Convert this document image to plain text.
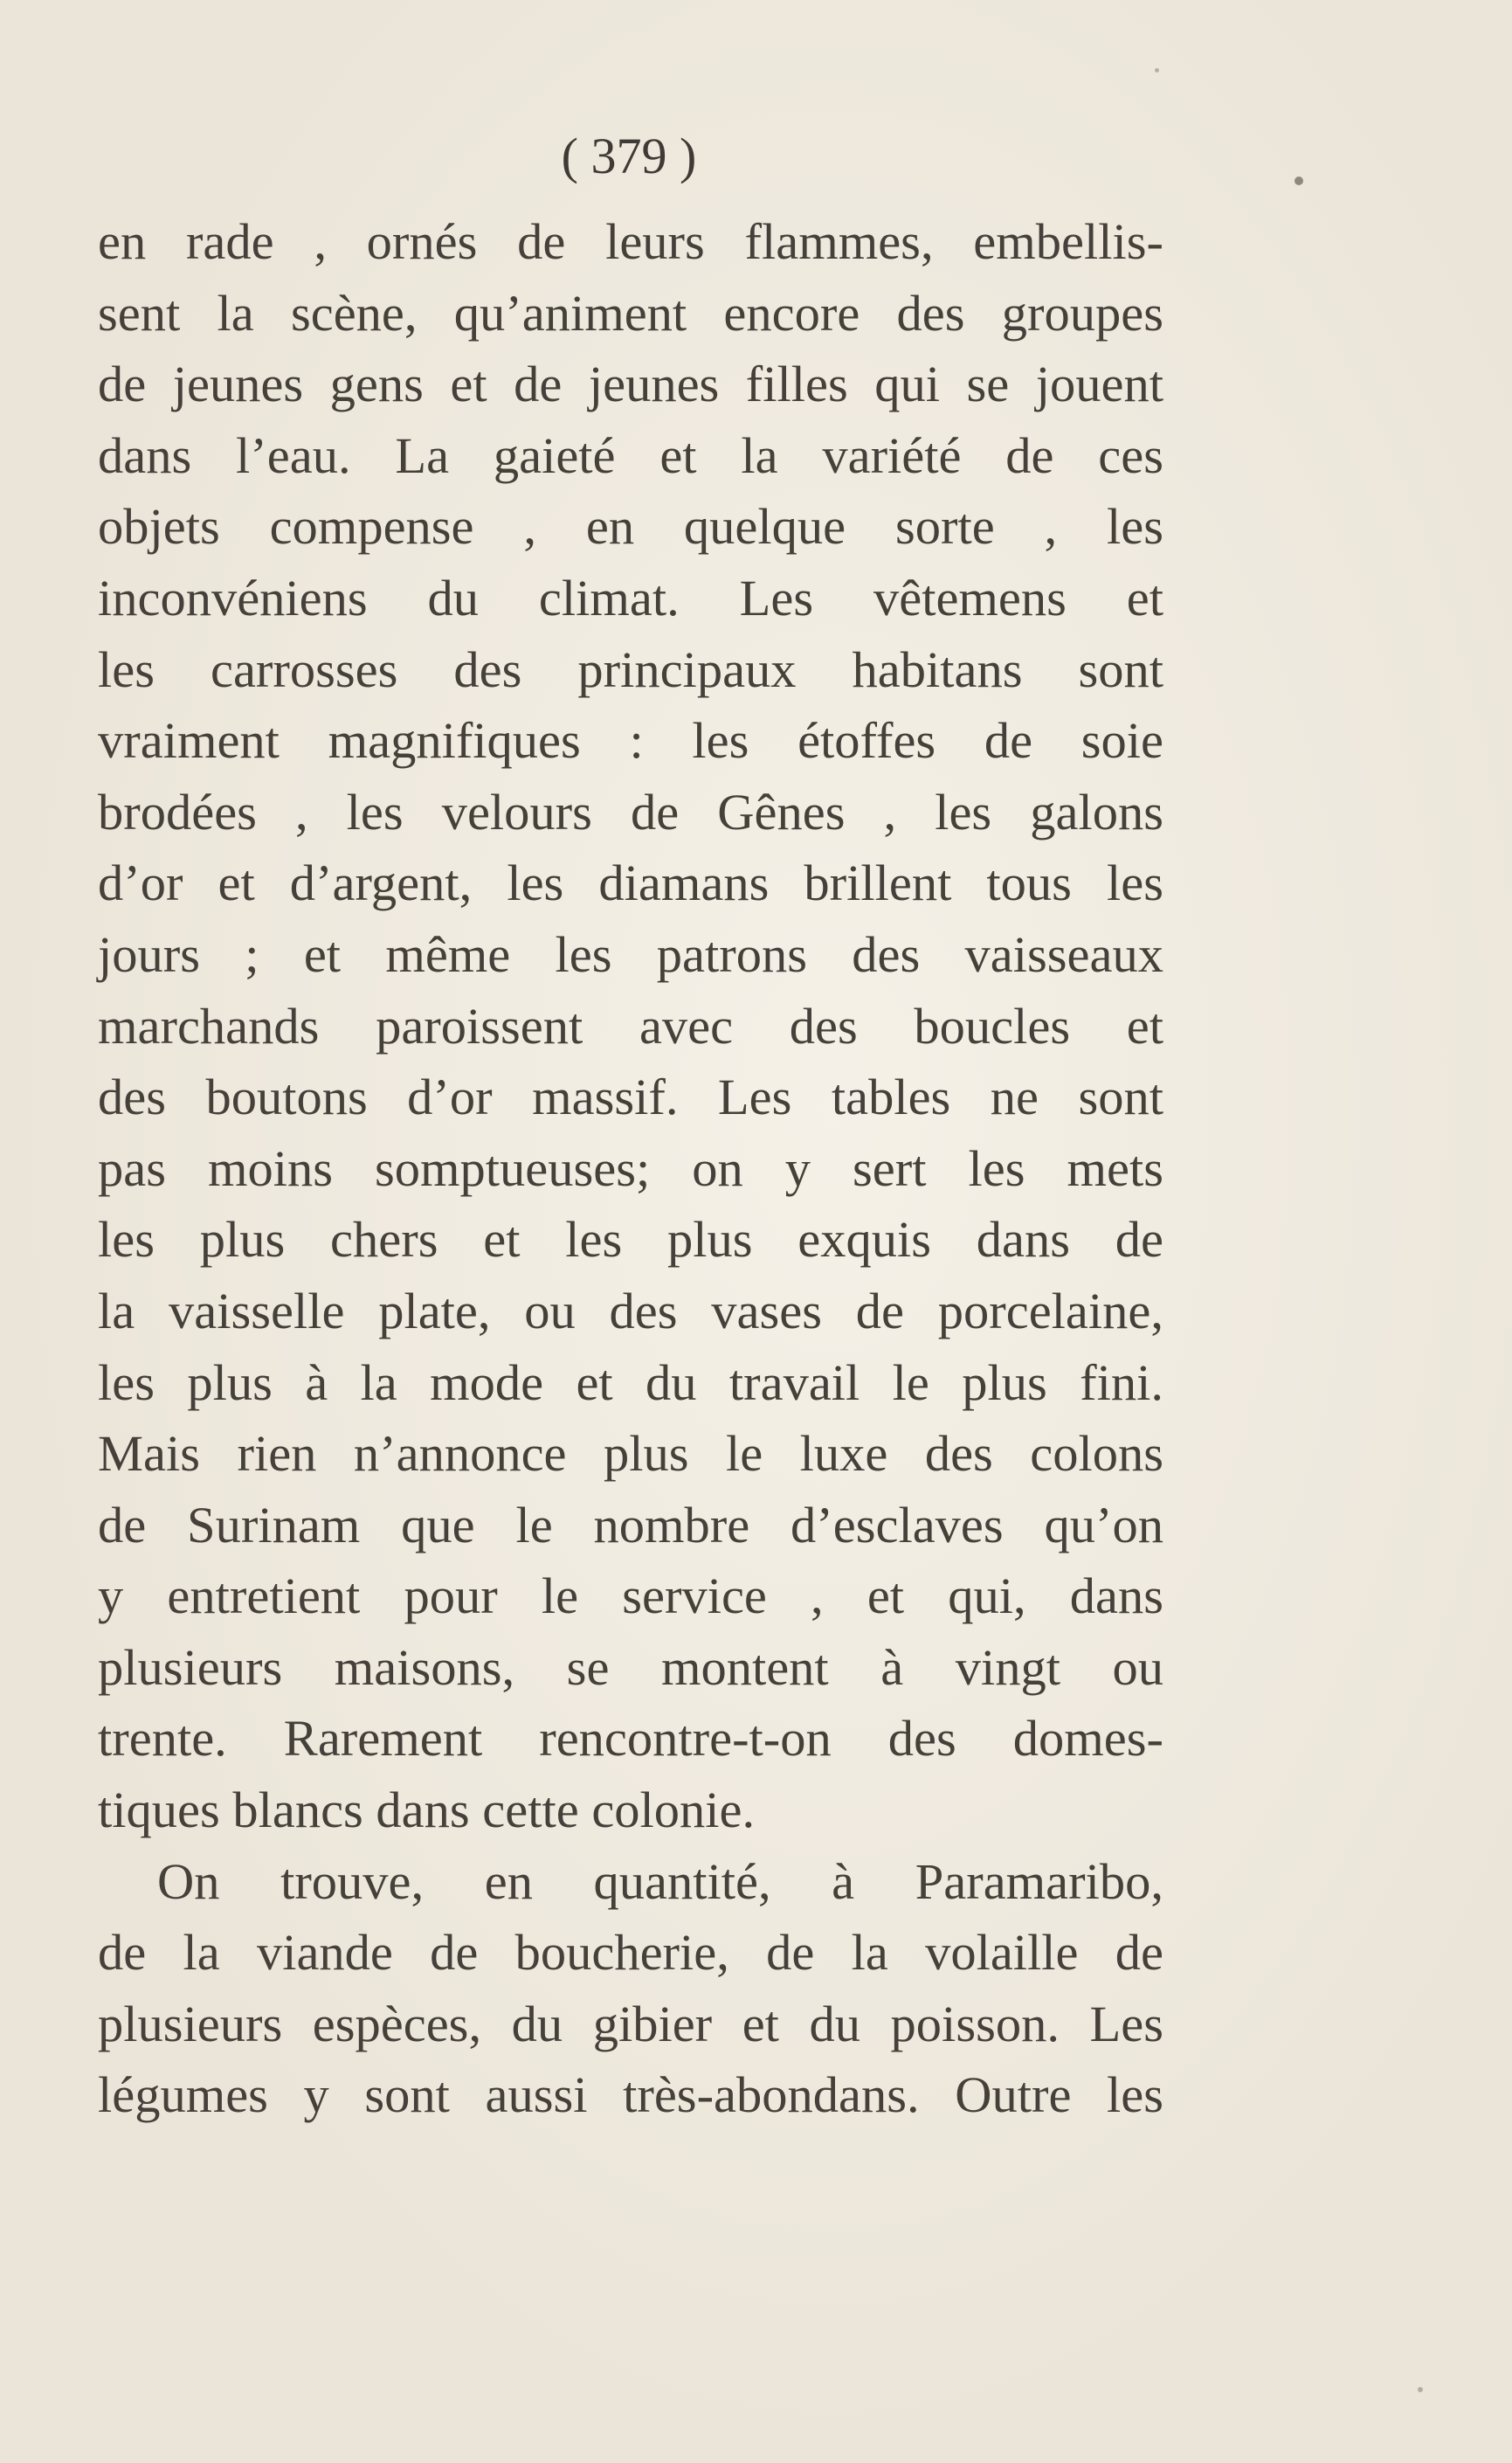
( 379 )
en rade , ornés de leurs flammes, embellis-
sent la scène, qu’animent encore des groupes
de jeunes gens et de jeunes filles qui se jouent
dans l’eau. La gaieté et la variété de ces
objets compense , en quelque sorte , les
inconvéniens du climat. Les vêtemens et
les carrosses des principaux habitans sont
vraiment magnifiques : les étoffes de soie
brodées , les velours de Gênes , les galons
d’or et d’argent, les diamans brillent tous les
jours ; et même les patrons des vaisseaux
marchands paroissent avec des boucles et
des boutons d’or massif. Les tables ne sont
pas moins somptueuses; on y sert les mets
les plus chers et les plus exquis dans de
la vaisselle plate, ou des vases de porcelaine,
les plus à la mode et du travail le plus fini.
Mais rien n’annonce plus le luxe des colons
de Surinam que le nombre d’esclaves qu’on
y entretient pour le service , et qui, dans
plusieurs maisons, se montent à vingt ou
trente. Rarement rencontre-t-on des domes-
tiques blancs dans cette colonie.
On trouve, en quantité, à Paramaribo,
de la viande de boucherie, de la volaille de
plusieurs espèces, du gibier et du poisson. Les
légumes y sont aussi très-abondans. Outre les
